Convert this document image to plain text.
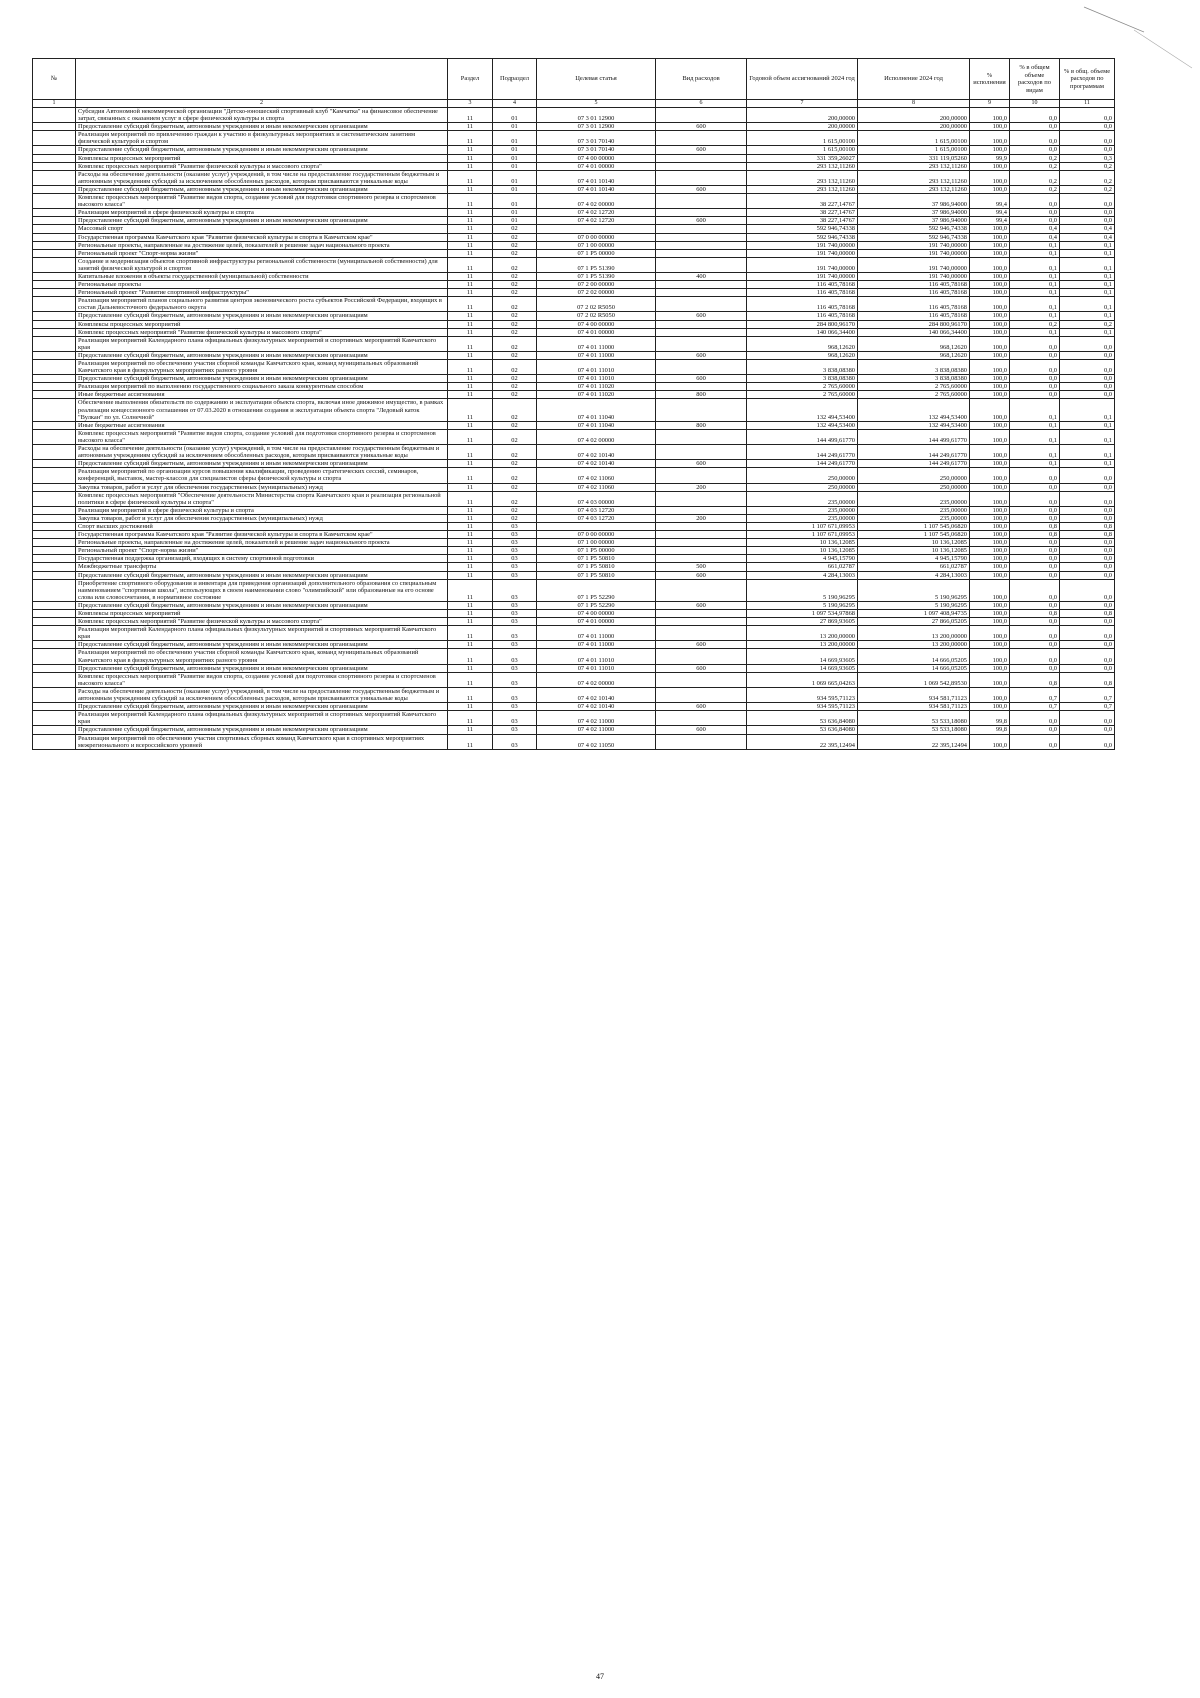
№		Раздел	Подраздел	Целевая статья	Вид расходов	Годовой объем ассигнований 2024 год	Исполнение 2024 год	% исполнения	% в общем объеме расходов по видам	% в общ. объеме расходов по программам
1	2	3	4	5	6	7	8	9	10	11
	Субсидия Автономной некоммерческой организации "Детско-юношеский спортивный клуб "Камчатка" на финансовое обеспечение затрат, связанных с оказанием услуг в сфере физической культуры и спорта	11	01	07 3 01 12900		200,00000	200,00000	100,0	0,0	0,0
	Предоставление субсидий бюджетным, автономным учреждениям и иным некоммерческим организациям	11	01	07 3 01 12900	600	200,00000	200,00000	100,0	0,0	0,0
	Реализация мероприятий по привлечению граждан к участию в физкультурных мероприятиях и систематическим занятиям физической культурой и спортом	11	01	07 3 01 70140		1 615,00100	1 615,00100	100,0	0,0	0,0
	Предоставление субсидий бюджетным, автономным учреждениям и иным некоммерческим организациям	11	01	07 3 01 70140	600	1 615,00100	1 615,00100	100,0	0,0	0,0
	Комплексы процессных мероприятий	11	01	07 4 00 00000		331 359,26027	331 119,05260	99,9	0,2	0,3
	Комплекс процессных мероприятий "Развитие физической культуры и массового спорта"	11	01	07 4 01 00000		293 132,11260	293 132,11260	100,0	0,2	0,2
	Расходы на обеспечение деятельности (оказание услуг) учреждений, в том числе на предоставление государственным бюджетным и автономным учреждениям субсидий за исключением обособленных расходов, которым присваиваются уникальные коды	11	01	07 4 01 10140		293 132,11260	293 132,11260	100,0	0,2	0,2
	Предоставление субсидий бюджетным, автономным учреждениям и иным некоммерческим организациям	11	01	07 4 01 10140	600	293 132,11260	293 132,11260	100,0	0,2	0,2
	Комплекс процессных мероприятий "Развитие видов спорта, создание условий для подготовки спортивного резерва и спортсменов высокого класса"	11	01	07 4 02 00000		38 227,14767	37 986,94000	99,4	0,0	0,0
	Реализация мероприятий в сфере физической культуры и спорта	11	01	07 4 02 12720		38 227,14767	37 986,94000	99,4	0,0	0,0
	Предоставление субсидий бюджетным, автономным учреждениям и иным некоммерческим организациям	11	01	07 4 02 12720	600	38 227,14767	37 986,94000	99,4	0,0	0,0
	Массовый спорт	11	02			592 946,74338	592 946,74338	100,0	0,4	0,4
	Государственная программа Камчатского края "Развитие физической культуры и спорта в Камчатском крае"	11	02	07 0 00 00000		592 946,74338	592 946,74338	100,0	0,4	0,4
	Региональные проекты, направленные на достижение целей, показателей и решение задач национального проекта	11	02	07 1 00 00000		191 740,00000	191 740,00000	100,0	0,1	0,1
	Региональный проект "Спорт-норма жизни"	11	02	07 1 P5 00000		191 740,00000	191 740,00000	100,0	0,1	0,1
	Создание и модернизация объектов спортивной инфраструктуры региональной собственности (муниципальной собственности) для занятий физической культурой и спортом	11	02	07 1 P5 51390		191 740,00000	191 740,00000	100,0	0,1	0,1
	Капитальные вложения в объекты государственной (муниципальной) собственности	11	02	07 1 P5 51390	400	191 740,00000	191 740,00000	100,0	0,1	0,1
	Региональные проекты	11	02	07 2 00 00000		116 405,78168	116 405,78168	100,0	0,1	0,1
	Региональный проект "Развитие спортивной инфраструктуры"	11	02	07 2 02 00000		116 405,78168	116 405,78168	100,0	0,1	0,1
	Реализация мероприятий планов социального развития центров экономического роста субъектов Российской Федерации, входящих в состав Дальневосточного федерального округа	11	02	07 2 02 R5050		116 405,78168	116 405,78168	100,0	0,1	0,1
	Предоставление субсидий бюджетным, автономным учреждениям и иным некоммерческим организациям	11	02	07 2 02 R5050	600	116 405,78168	116 405,78168	100,0	0,1	0,1
	Комплексы процессных мероприятий	11	02	07 4 00 00000		284 800,96170	284 800,96170	100,0	0,2	0,2
	Комплекс процессных мероприятий "Развитие физической культуры и массового спорта"	11	02	07 4 01 00000		140 066,34400	140 066,34400	100,0	0,1	0,1
	Реализация мероприятий Календарного плана официальных физкультурных мероприятий и спортивных мероприятий Камчатского края	11	02	07 4 01 11000		968,12620	968,12620	100,0	0,0	0,0
	Предоставление субсидий бюджетным, автономным учреждениям и иным некоммерческим организациям	11	02	07 4 01 11000	600	968,12620	968,12620	100,0	0,0	0,0
	Реализация мероприятий по обеспечению участия сборной команды Камчатского края, команд муниципальных образований Камчатского края в физкультурных мероприятиях разного уровня	11	02	07 4 01 11010		3 838,08380	3 838,08380	100,0	0,0	0,0
	Предоставление субсидий бюджетным, автономным учреждениям и иным некоммерческим организациям	11	02	07 4 01 11010	600	3 838,08380	3 838,08380	100,0	0,0	0,0
	Реализация мероприятий по выполнению государственного социального заказа конкурентным способом	11	02	07 4 01 11020		2 765,60000	2 765,60000	100,0	0,0	0,0
	Иные бюджетные ассигнования	11	02	07 4 01 11020	800	2 765,60000	2 765,60000	100,0	0,0	0,0
	Обеспечение выполнения обязательств по содержанию и эксплуатации объекта спорта, включая иное движимое имущество, в рамках реализации концессионного соглашения от 07.03.2020 в отношении создания и эксплуатации объекта спорта "Ледовый каток "Вулкан" по ул. Солнечной"	11	02	07 4 01 11040		132 494,53400	132 494,53400	100,0	0,1	0,1
	Иные бюджетные ассигнования	11	02	07 4 01 11040	800	132 494,53400	132 494,53400	100,0	0,1	0,1
	Комплекс процессных мероприятий "Развитие видов спорта, создание условий для подготовки спортивного резерва и спортсменов высокого класса"	11	02	07 4 02 00000		144 499,61770	144 499,61770	100,0	0,1	0,1
	Расходы на обеспечение деятельности (оказание услуг) учреждений, в том числе на предоставление государственным бюджетным и автономным учреждениям субсидий за исключением обособленных расходов, которым присваиваются уникальные коды	11	02	07 4 02 10140		144 249,61770	144 249,61770	100,0	0,1	0,1
	Предоставление субсидий бюджетным, автономным учреждениям и иным некоммерческим организациям	11	02	07 4 02 10140	600	144 249,61770	144 249,61770	100,0	0,1	0,1
	Реализация мероприятий по организации курсов повышения квалификации, проведению стратегических сессий, семинаров, конференций, выставок, мастер-классов для специалистов сферы физической культуры и спорта	11	02	07 4 02 11060		250,00000	250,00000	100,0	0,0	0,0
	Закупка товаров, работ и услуг для обеспечения государственных (муниципальных) нужд	11	02	07 4 02 11060	200	250,00000	250,00000	100,0	0,0	0,0
	Комплекс процессных мероприятий "Обеспечение деятельности Министерства спорта Камчатского края и реализация региональной политики в сфере физической культуры и спорта"	11	02	07 4 03 00000		235,00000	235,00000	100,0	0,0	0,0
	Реализация мероприятий в сфере физической культуры и спорта	11	02	07 4 03 12720		235,00000	235,00000	100,0	0,0	0,0
	Закупка товаров, работ и услуг для обеспечения государственных (муниципальных) нужд	11	02	07 4 03 12720	200	235,00000	235,00000	100,0	0,0	0,0
	Спорт высших достижений	11	03			1 107 671,09953	1 107 545,06820	100,0	0,8	0,8
	Государственная программа Камчатского края "Развитие физической культуры и спорта в Камчатском крае"	11	03	07 0 00 00000		1 107 671,09953	1 107 545,06820	100,0	0,8	0,8
	Региональные проекты, направленные на достижение целей, показателей и решение задач национального проекта	11	03	07 1 00 00000		10 136,12085	10 136,12085	100,0	0,0	0,0
	Региональный проект "Спорт-норма жизни"	11	03	07 1 P5 00000		10 136,12085	10 136,12085	100,0	0,0	0,0
	Государственная поддержка организаций, входящих в систему спортивной подготовки	11	03	07 1 P5 50810		4 945,15790	4 945,15790	100,0	0,0	0,0
	Межбюджетные трансферты	11	03	07 1 P5 50810	500	661,02787	661,02787	100,0	0,0	0,0
	Предоставление субсидий бюджетным, автономным учреждениям и иным некоммерческим организациям	11	03	07 1 P5 50810	600	4 284,13003	4 284,13003	100,0	0,0	0,0
	Приобретение спортивного оборудования и инвентаря для приведения организаций дополнительного образования со специальным наименованием "спортивная школа", использующих в своем наименовании слово "олимпийский" или образованные на его основе слова или словосочетания, в нормативное состояние	11	03	07 1 P5 52290		5 190,96295	5 190,96295	100,0	0,0	0,0
	Предоставление субсидий бюджетным, автономным учреждениям и иным некоммерческим организациям	11	03	07 1 P5 52290	600	5 190,96295	5 190,96295	100,0	0,0	0,0
	Комплексы процессных мероприятий	11	03	07 4 00 00000		1 097 534,97868	1 097 408,94735	100,0	0,8	0,8
	Комплекс процессных мероприятий "Развитие физической культуры и массового спорта"	11	03	07 4 01 00000		27 869,93605	27 866,05205	100,0	0,0	0,0
	Реализация мероприятий Календарного плана официальных физкультурных мероприятий и спортивных мероприятий Камчатского края	11	03	07 4 01 11000		13 200,00000	13 200,00000	100,0	0,0	0,0
	Предоставление субсидий бюджетным, автономным учреждениям и иным некоммерческим организациям	11	03	07 4 01 11000	600	13 200,00000	13 200,00000	100,0	0,0	0,0
	Реализация мероприятий по обеспечению участия сборной команды Камчатского края, команд муниципальных образований Камчатского края в физкультурных мероприятиях разного уровня	11	03	07 4 01 11010		14 669,93605	14 666,05205	100,0	0,0	0,0
	Предоставление субсидий бюджетным, автономным учреждениям и иным некоммерческим организациям	11	03	07 4 01 11010	600	14 669,93605	14 666,05205	100,0	0,0	0,0
	Комплекс процессных мероприятий "Развитие видов спорта, создание условий для подготовки спортивного резерва и спортсменов высокого класса"	11	03	07 4 02 00000		1 069 665,04263	1 069 542,89530	100,0	0,8	0,8
	Расходы на обеспечение деятельности (оказание услуг) учреждений, в том числе на предоставление государственным бюджетным и автономным учреждениям субсидий за исключением обособленных расходов, которым присваиваются уникальные коды	11	03	07 4 02 10140		934 595,71123	934 581,71123	100,0	0,7	0,7
	Предоставление субсидий бюджетным, автономным учреждениям и иным некоммерческим организациям	11	03	07 4 02 10140	600	934 595,71123	934 581,71123	100,0	0,7	0,7
	Реализация мероприятий Календарного плана официальных физкультурных мероприятий и спортивных мероприятий Камчатского края	11	03	07 4 02 11000		53 636,84080	53 533,18080	99,8	0,0	0,0
	Предоставление субсидий бюджетным, автономным учреждениям и иным некоммерческим организациям	11	03	07 4 02 11000	600	53 636,84080	53 533,18080	99,8	0,0	0,0
	Реализация мероприятий по обеспечению участия спортивных сборных команд Камчатского края в спортивных мероприятиях межрегионального и всероссийского уровней	11	03	07 4 02 11050		22 395,12494	22 395,12494	100,0	0,0	0,0
47
